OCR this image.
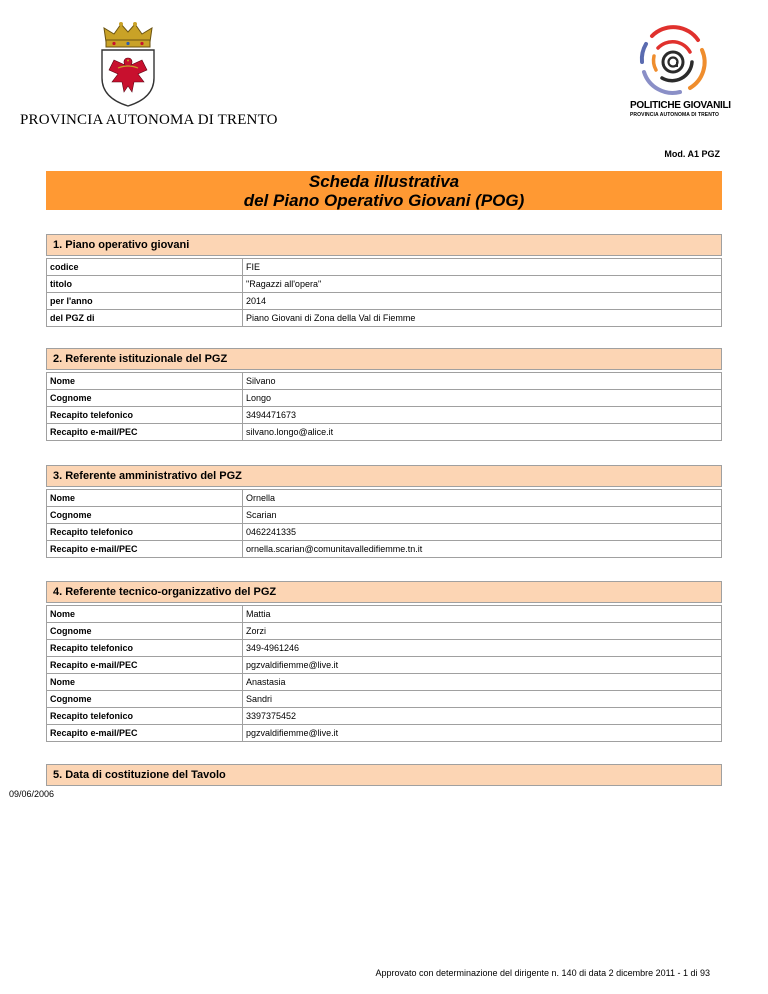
PROVINCIA AUTONOMA DI TRENTO
POLITICHE GIOVANILI
PROVINCIA AUTONOMA DI TRENTO
Mod. A1 PGZ
Scheda illustrativa
del Piano Operativo Giovani (POG)
1. Piano operativo giovani
codice	FIE
titolo	"Ragazzi all'opera"
per l'anno	2014
del PGZ di	Piano Giovani di Zona della Val di Fiemme
2. Referente istituzionale del PGZ
Nome	Silvano
Cognome	Longo
Recapito telefonico	3494471673
Recapito e-mail/PEC	silvano.longo@alice.it
3. Referente amministrativo del PGZ
Nome	Ornella
Cognome	Scarian
Recapito telefonico	0462241335
Recapito e-mail/PEC	ornella.scarian@comunitavalledifiemme.tn.it
4. Referente tecnico-organizzativo del PGZ
Nome	Mattia
Cognome	Zorzi
Recapito telefonico	349-4961246
Recapito e-mail/PEC	pgzvaldifiemme@live.it
Nome	Anastasia
Cognome	Sandri
Recapito telefonico	3397375452
Recapito e-mail/PEC	pgzvaldifiemme@live.it
5. Data di costituzione del Tavolo
09/06/2006
Approvato con determinazione del dirigente n. 140 di data 2 dicembre 2011 - 1 di 93
